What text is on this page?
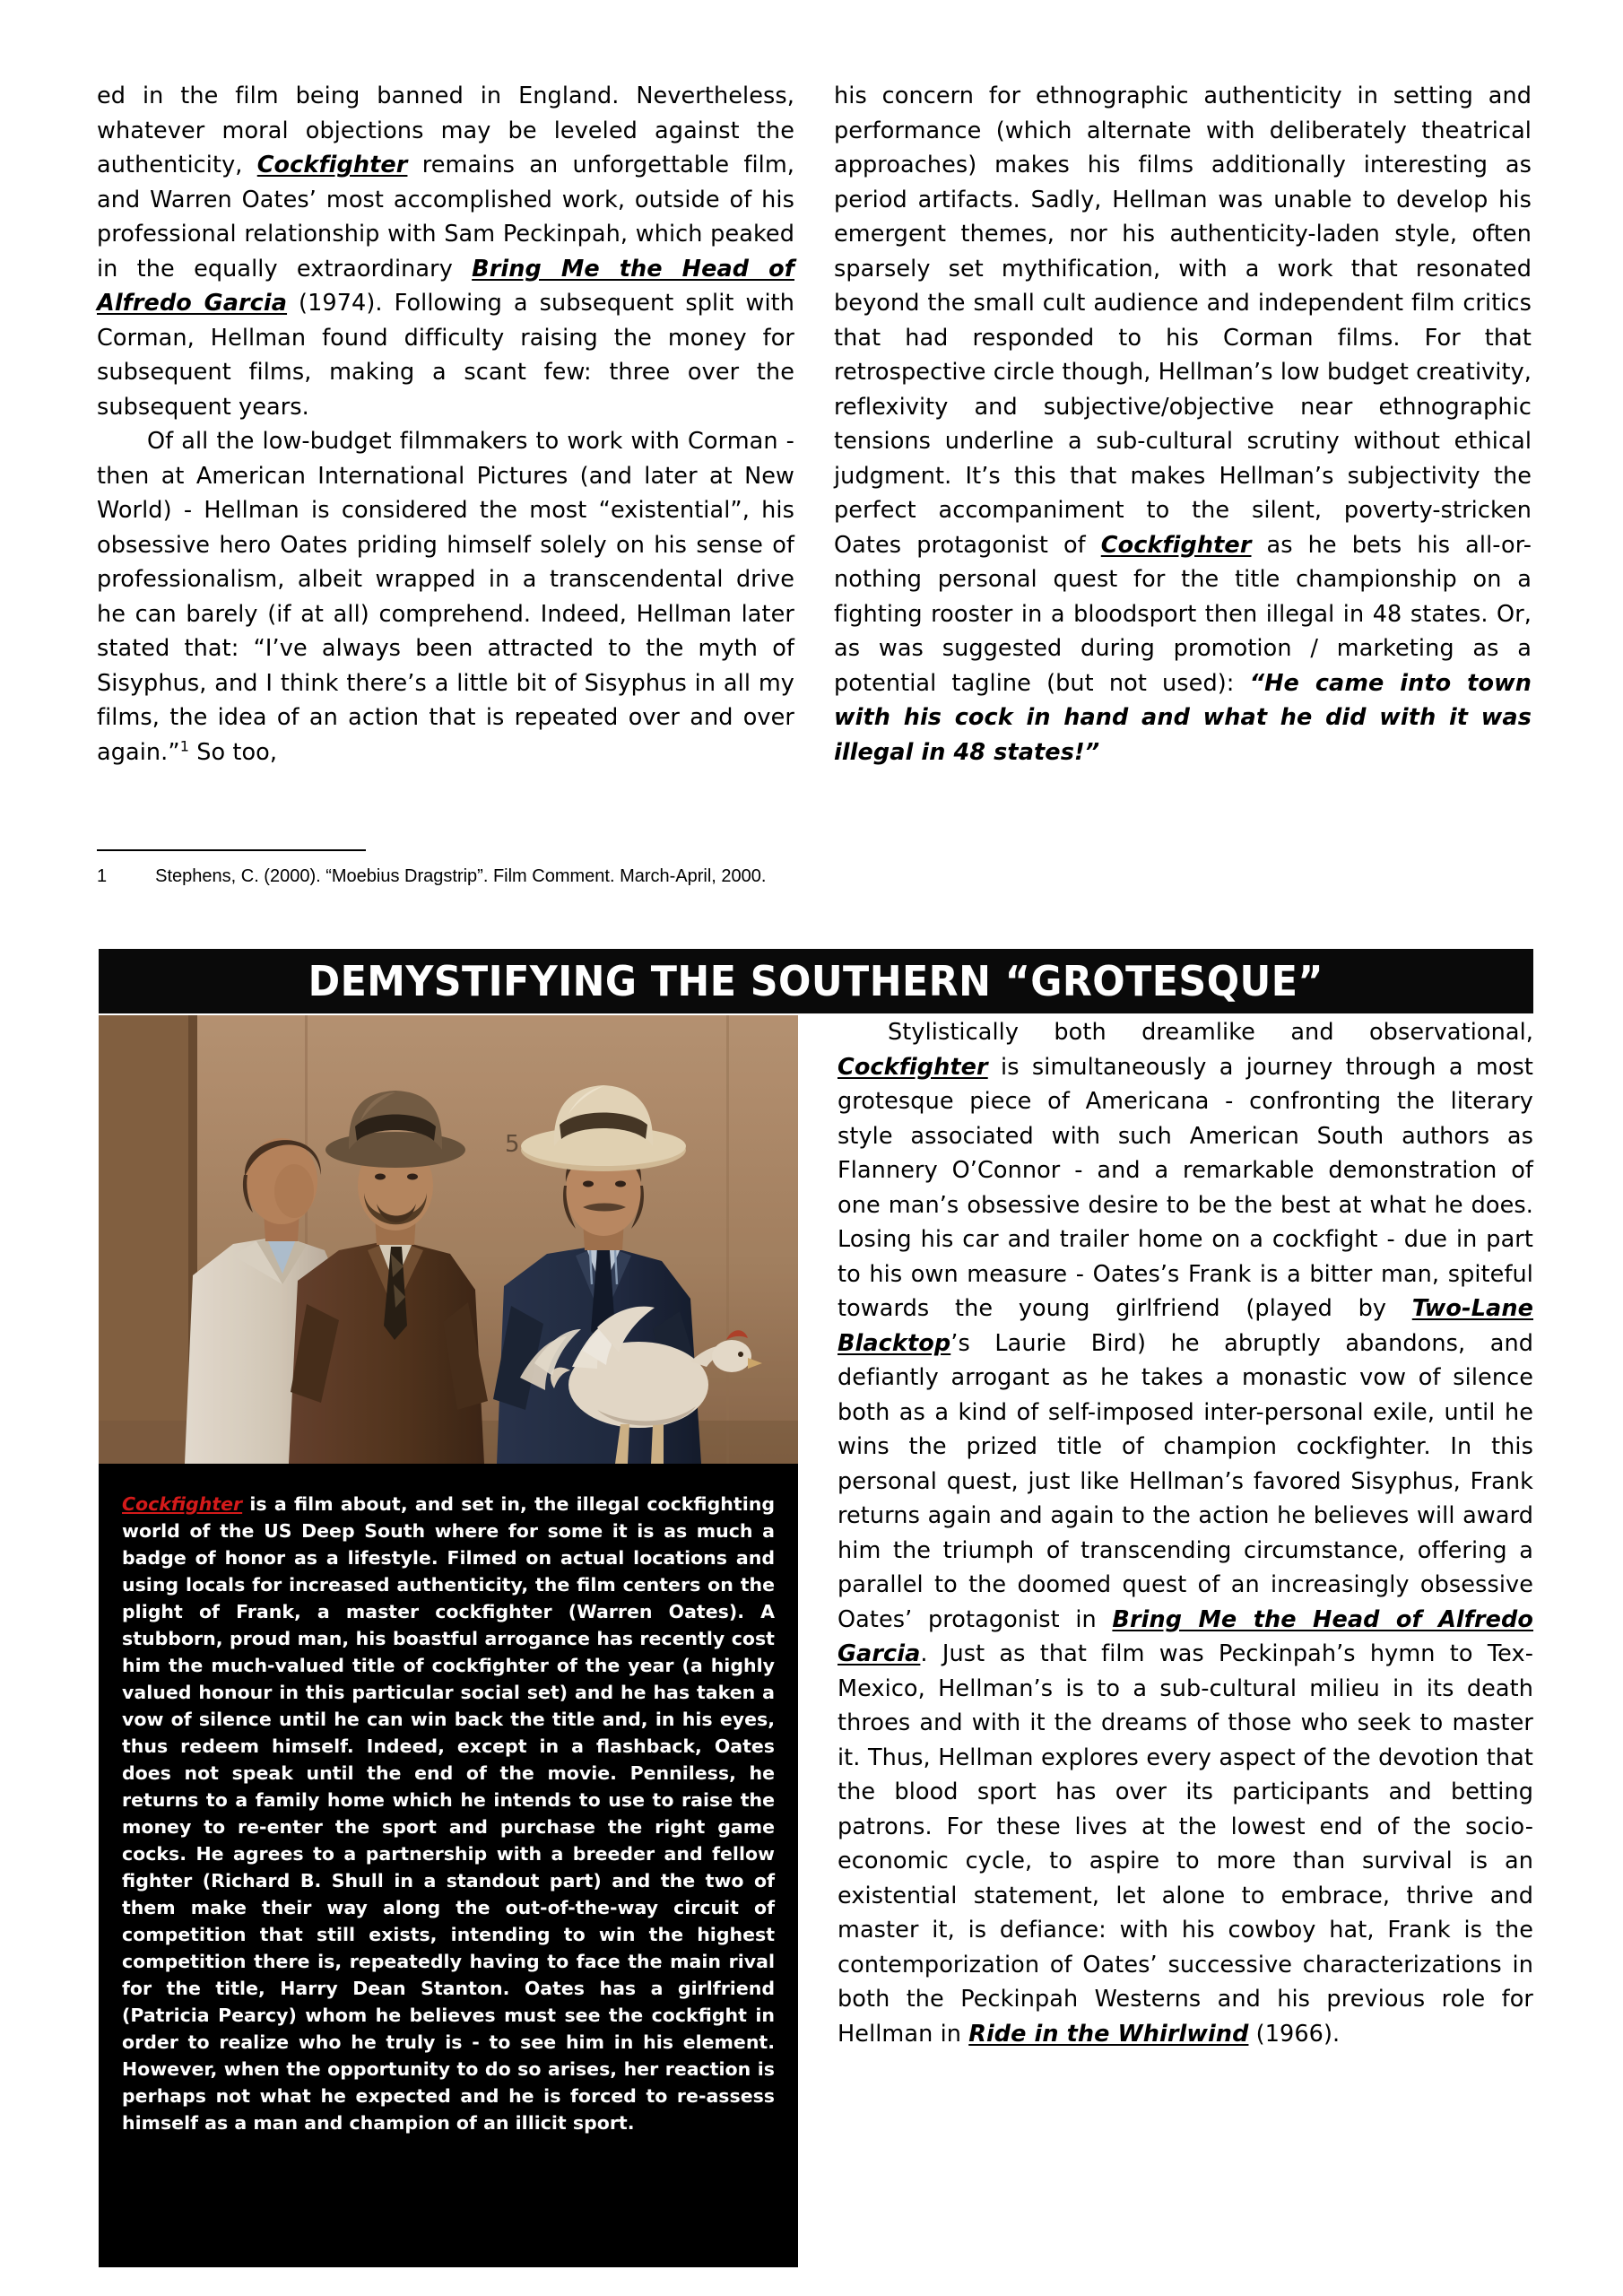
ed in the film being banned in England. Nevertheless, whatever moral objections may be leveled against the authenticity, Cockfighter remains an unforgettable film, and Warren Oates’ most accomplished work, outside of his professional relationship with Sam Peckinpah, which peaked in the equally extraordinary Bring Me the Head of Alfredo Garcia (1974). Following a subsequent split with Corman, Hellman found difficulty raising the money for subsequent films, making a scant few: three over the subsequent years.

Of all the low-budget filmmakers to work with Corman - then at American International Pictures (and later at New World) - Hellman is considered the most “existential”, his obsessive hero Oates priding himself solely on his sense of professionalism, albeit wrapped in a transcendental drive he can barely (if at all) comprehend. Indeed, Hellman later stated that: “I’ve always been attracted to the myth of Sisyphus, and I think there’s a little bit of Sisyphus in all my films, the idea of an action that is repeated over and over again.”$^1$ So too,

his concern for ethnographic authenticity in setting and performance (which alternate with deliberately theatrical approaches) makes his films additionally interesting as period artifacts. Sadly, Hellman was unable to develop his emergent themes, nor his authenticity-laden style, often sparsely set mythification, with a work that resonated beyond the small cult audience and independent film critics that had responded to his Corman films. For that retrospective circle though, Hellman’s low budget creativity, reflexivity and subjective/objective near ethnographic tensions underline a sub-cultural scrutiny without ethical judgment. It’s this that makes Hellman’s subjectivity the perfect accompaniment to the silent, poverty-stricken Oates protagonist of Cockfighter as he bets his all-or-nothing personal quest for the title championship on a fighting rooster in a bloodsport then illegal in 48 states. Or, as was suggested during promotion / marketing as a potential tagline (but not used): “He came into town with his cock in hand and what he did with it was illegal in 48 states!”

1	Stephens, C. (2000). “Moebius Dragstrip”. Film Comment. March-April, 2000.
DEMYSTIFYING THE SOUTHERN “GROTESQUE”
5
Cockfighter is a film about, and set in, the illegal cockfighting world of the US Deep South where for some it is as much a badge of honor as a lifestyle. Filmed on actual locations and using locals for increased authenticity, the film centers on the plight of Frank, a master cockfighter (Warren Oates). A stubborn, proud man, his boastful arrogance has recently cost him the much-valued title of cockfighter of the year (a highly valued honour in this particular social set) and he has taken a vow of silence until he can win back the title and, in his eyes, thus redeem himself. Indeed, except in a flashback, Oates does not speak until the end of the movie. Penniless, he returns to a family home which he intends to use to raise the money to re-enter the sport and purchase the right game cocks. He agrees to a partnership with a breeder and fellow fighter (Richard B. Shull in a standout part) and the two of them make their way along the out-of-the-way circuit of competition that still exists, intending to win the highest competition there is, repeatedly having to face the main rival for the title, Harry Dean Stanton. Oates has a girlfriend (Patricia Pearcy) whom he believes must see the cockfight in order to realize who he truly is - to see him in his element. However, when the opportunity to do so arises, her reaction is perhaps not what he expected and he is forced to re-assess himself as a man and champion of an illicit sport.

Stylistically both dreamlike and observational, Cockfighter is simultaneously a journey through a most grotesque piece of Americana - confronting the literary style associated with such American South authors as Flannery O’Connor - and a remarkable demonstration of one man’s obsessive desire to be the best at what he does. Losing his car and trailer home on a cockfight - due in part to his own measure - Oates’s Frank is a bitter man, spiteful towards the young girlfriend (played by Two-Lane Blacktop’s Laurie Bird) he abruptly abandons, and defiantly arrogant as he takes a monastic vow of silence both as a kind of self-imposed inter-personal exile, until he wins the prized title of champion cockfighter. In this personal quest, just like Hellman’s favored Sisyphus, Frank returns again and again to the action he believes will award him the triumph of transcending circumstance, offering a parallel to the doomed quest of an increasingly obsessive Oates’ protagonist in Bring Me the Head of Alfredo Garcia. Just as that film was Peckinpah’s hymn to Tex-Mexico, Hellman’s is to a sub-cultural milieu in its death throes and with it the dreams of those who seek to master it. Thus, Hellman explores every aspect of the devotion that the blood sport has over its participants and betting patrons. For these lives at the lowest end of the socio-economic cycle, to aspire to more than survival is an existential statement, let alone to embrace, thrive and master it, is defiance: with his cowboy hat, Frank is the contemporization of Oates’ successive characterizations in both the Peckinpah Westerns and his previous role for Hellman in Ride in the Whirlwind (1966).
